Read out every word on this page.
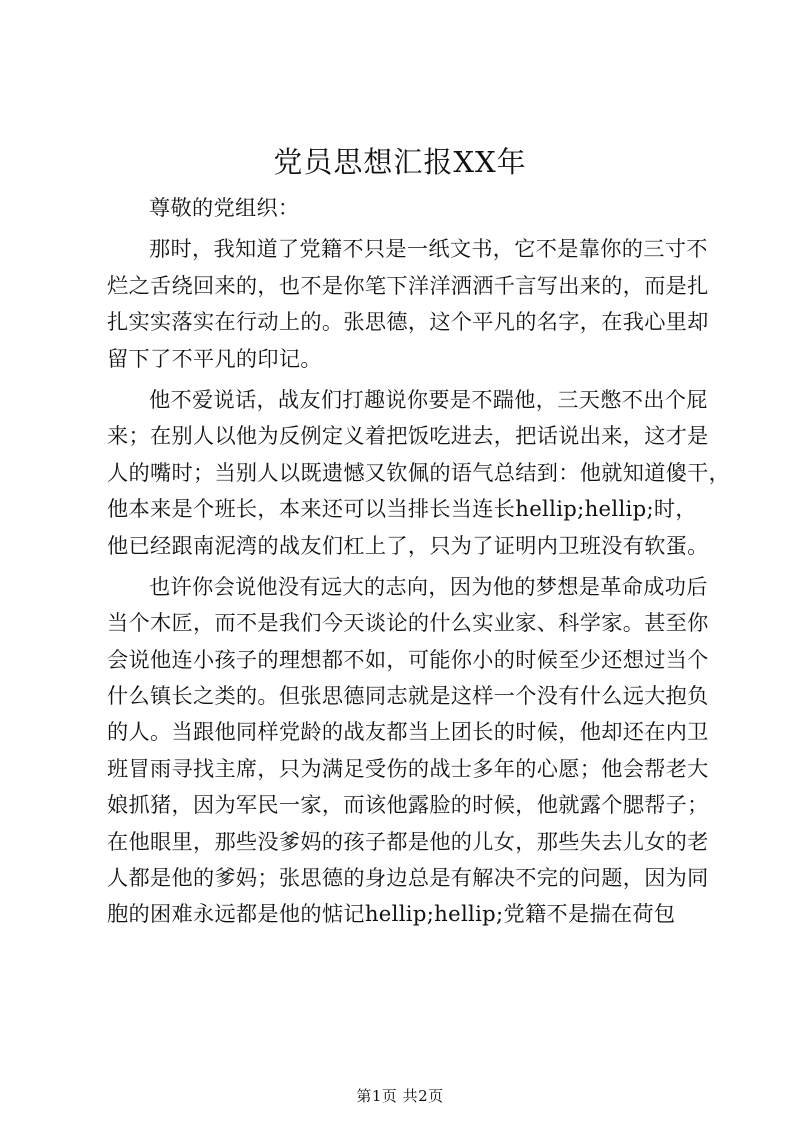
党员思想汇报XX年

尊敬的党组织：

那时，我知道了党籍不只是一纸文书，它不是靠你的三寸不
烂之舌绕回来的，也不是你笔下洋洋洒洒千言写出来的，而是扎
扎实实落实在行动上的。张思德，这个平凡的名字，在我心里却
留下了不平凡的印记。
他不爱说话，战友们打趣说你要是不踹他，三天憋不出个屁
来；在别人以他为反例定义着把饭吃进去，把话说出来，这才是
人的嘴时；当别人以既遗憾又钦佩的语气总结到：他就知道傻干，
他本来是个班长，本来还可以当排长当连长hellip;hellip;时，
他已经跟南泥湾的战友们杠上了，只为了证明内卫班没有软蛋。
也许你会说他没有远大的志向，因为他的梦想是革命成功后
当个木匠，而不是我们今天谈论的什么实业家、科学家。甚至你
会说他连小孩子的理想都不如，可能你小的时候至少还想过当个
什么镇长之类的。但张思德同志就是这样一个没有什么远大抱负
的人。当跟他同样党龄的战友都当上团长的时候，他却还在内卫
班冒雨寻找主席，只为满足受伤的战士多年的心愿；他会帮老大
娘抓猪，因为军民一家，而该他露脸的时候，他就露个腮帮子；
在他眼里，那些没爹妈的孩子都是他的儿女，那些失去儿女的老
人都是他的爹妈；张思德的身边总是有解决不完的问题，因为同
胞的困难永远都是他的惦记hellip;hellip;党籍不是揣在荷包
第1页 共2页
